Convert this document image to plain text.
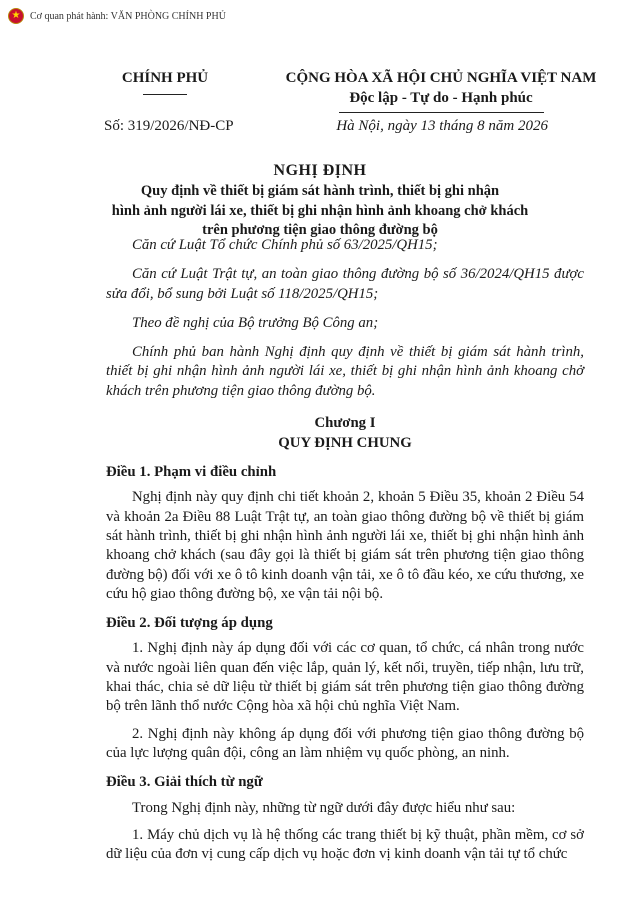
★
Cơ quan phát hành: VĂN PHÒNG CHÍNH PHỦ
CHÍNH PHỦ	CỘNG HÒA XÃ HỘI CHỦ NGHĨA VIỆT NAM
Độc lập - Tự do - Hạnh phúc
Số: 319/2026/NĐ-CP	Hà Nội, ngày 13 tháng 8 năm 2026
NGHỊ ĐỊNH
Quy định về thiết bị giám sát hành trình, thiết bị ghi nhận
hình ảnh người lái xe, thiết bị ghi nhận hình ảnh khoang chở khách
trên phương tiện giao thông đường bộ

Căn cứ Luật Tổ chức Chính phủ số 63/2025/QH15;

Căn cứ Luật Trật tự, an toàn giao thông đường bộ số 36/2024/QH15 được sửa đổi, bổ sung bởi Luật số 118/2025/QH15;

Theo đề nghị của Bộ trưởng Bộ Công an;

Chính phủ ban hành Nghị định quy định về thiết bị giám sát hành trình, thiết bị ghi nhận hình ảnh người lái xe, thiết bị ghi nhận hình ảnh khoang chở khách trên phương tiện giao thông đường bộ.

Chương I
QUY ĐỊNH CHUNG
Điều 1. Phạm vi điều chỉnh

Nghị định này quy định chi tiết khoản 2, khoản 5 Điều 35, khoản 2 Điều 54 và khoản 2a Điều 88 Luật Trật tự, an toàn giao thông đường bộ về thiết bị giám sát hành trình, thiết bị ghi nhận hình ảnh người lái xe, thiết bị ghi nhận hình ảnh khoang chở khách (sau đây gọi là thiết bị giám sát trên phương tiện giao thông đường bộ) đối với xe ô tô kinh doanh vận tải, xe ô tô đầu kéo, xe cứu thương, xe cứu hộ giao thông đường bộ, xe vận tải nội bộ.

Điều 2. Đối tượng áp dụng

1. Nghị định này áp dụng đối với các cơ quan, tổ chức, cá nhân trong nước và nước ngoài liên quan đến việc lắp, quản lý, kết nối, truyền, tiếp nhận, lưu trữ, khai thác, chia sẻ dữ liệu từ thiết bị giám sát trên phương tiện giao thông đường bộ trên lãnh thổ nước Cộng hòa xã hội chủ nghĩa Việt Nam.

2. Nghị định này không áp dụng đối với phương tiện giao thông đường bộ của lực lượng quân đội, công an làm nhiệm vụ quốc phòng, an ninh.

Điều 3. Giải thích từ ngữ

Trong Nghị định này, những từ ngữ dưới đây được hiểu như sau:

1. Máy chủ dịch vụ là hệ thống các trang thiết bị kỹ thuật, phần mềm, cơ sở dữ liệu của đơn vị cung cấp dịch vụ hoặc đơn vị kinh doanh vận tải tự tổ chức
